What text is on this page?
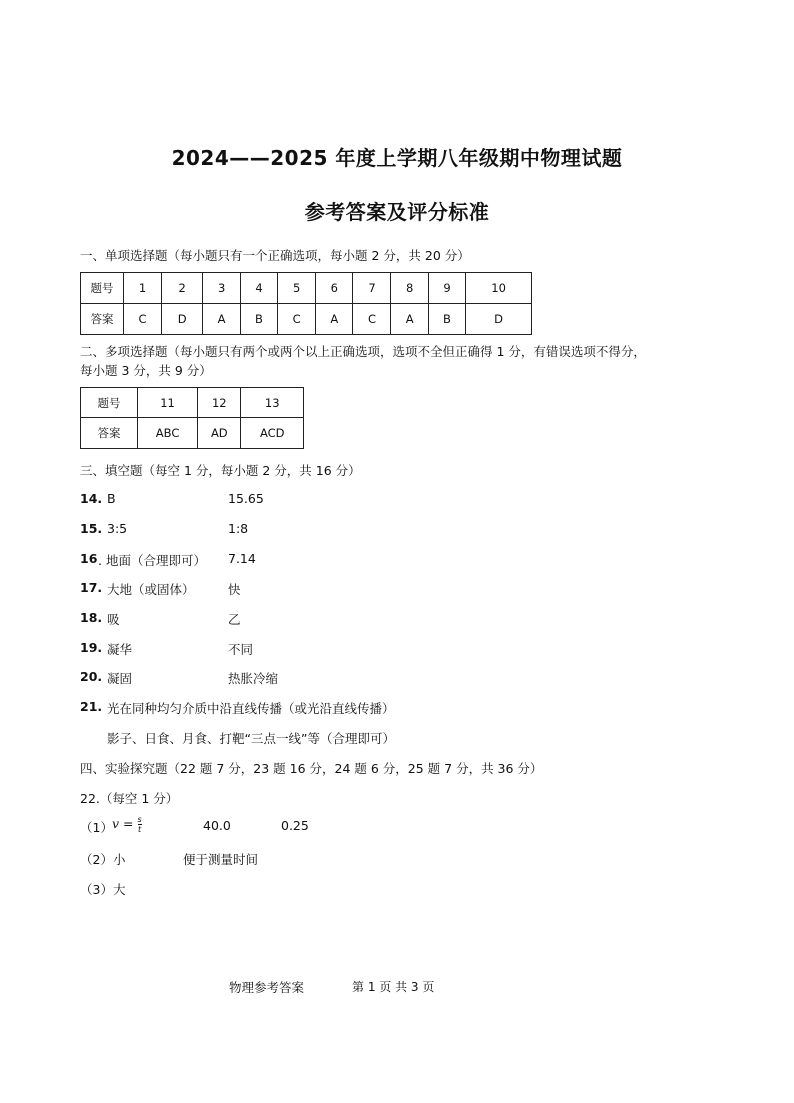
2024——2025 年度上学期八年级期中物理试题
参考答案及评分标准
一、单项选择题（每小题只有一个正确选项，每小题 2 分，共 20 分）
题号	1	2	3	4	5	6	7	8	9	10
答案	C	D	A	B	C	A	C	A	B	D
二、多项选择题（每小题只有两个或两个以上正确选项，选项不全但正确得 1 分，有错误选项不得分，
每小题 3 分，共 9 分）
题号	11	12	13
答案	ABC	AD	ACD
三、填空题（每空 1 分，每小题 2 分，共 16 分）
14. B	15.65
15. 3:5	1:8
16 . 地面（合理即可） 7.14
17. 大地（或固体）	快
18. 吸	乙
19. 凝华	不同
20. 凝固	热胀冷缩
21. 光在同种均匀介质中沿直线传播（或光沿直线传播）
影子、日食、月食、打靶“三点一线”等（合理即可）
四、实验探究题（22 题 7 分，23 题 16 分，24 题 6 分，25 题 7 分，共 36 分）
22.（每空 1 分）
（1） $v = \frac{s}{t}$	40.0	0.25
（2）小	便于测量时间
（3）大
物理参考答案	第 1 页 共 3 页
